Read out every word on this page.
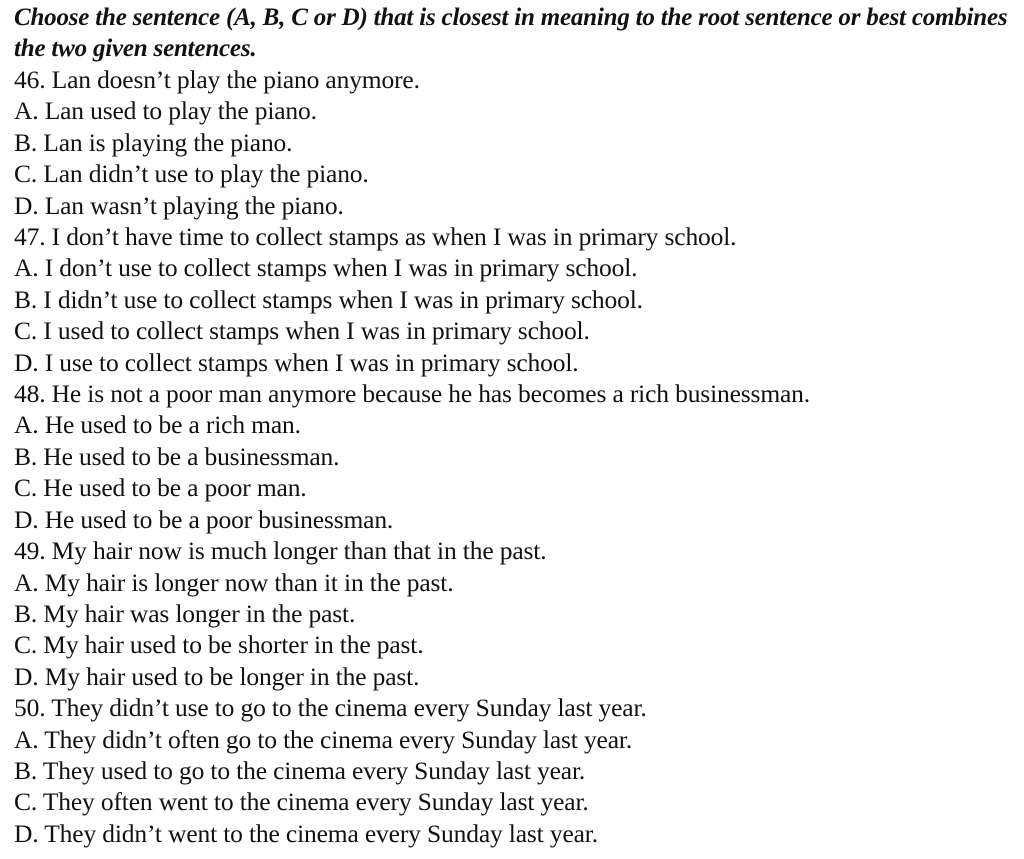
Choose the sentence (A, B, C or D) that is closest in meaning to the root sentence or best combines the two given sentences.

46. Lan doesn’t play the piano anymore.

A. Lan used to play the piano.

B. Lan is playing the piano.

C. Lan didn’t use to play the piano.

D. Lan wasn’t playing the piano.

47. I don’t have time to collect stamps as when I was in primary school.

A. I don’t use to collect stamps when I was in primary school.

B. I didn’t use to collect stamps when I was in primary school.

C. I used to collect stamps when I was in primary school.

D. I use to collect stamps when I was in primary school.

48. He is not a poor man anymore because he has becomes a rich businessman.

A. He used to be a rich man.

B. He used to be a businessman.

C. He used to be a poor man.

D. He used to be a poor businessman.

49. My hair now is much longer than that in the past.

A. My hair is longer now than it in the past.

B. My hair was longer in the past.

C. My hair used to be shorter in the past.

D. My hair used to be longer in the past.

50. They didn’t use to go to the cinema every Sunday last year.

A. They didn’t often go to the cinema every Sunday last year.

B. They used to go to the cinema every Sunday last year.

C. They often went to the cinema every Sunday last year.

D. They didn’t went to the cinema every Sunday last year.
